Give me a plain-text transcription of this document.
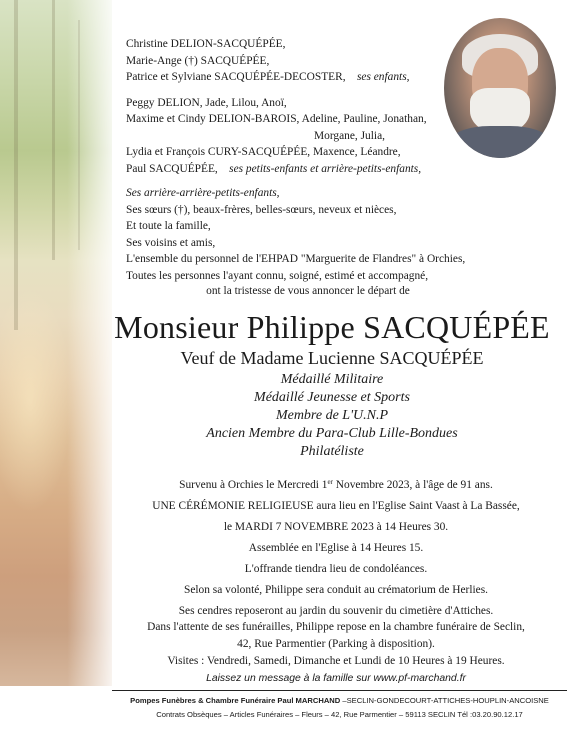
Christine DELION-SACQUÉPÉE,

Marie-Ange (†) SACQUÉPÉE,

Patrice et Sylviane SACQUÉPÉE-DECOSTER, ses enfants,

Peggy DELION, Jade, Lilou, Anoï,

Maxime et Cindy DELION-BAROIS, Adeline, Pauline, Jonathan,

Morgane, Julia,

Lydia et François CURY-SACQUÉPÉE, Maxence, Léandre,

Paul SACQUÉPÉE, ses petits-enfants et arrière-petits-enfants,

Ses arrière-arrière-petits-enfants,

Ses sœurs (†), beaux-frères, belles-sœurs, neveux et nièces,

Et toute la famille,

Ses voisins et amis,

L'ensemble du personnel de l'EHPAD "Marguerite de Flandres" à Orchies,

Toutes les personnes l'ayant connu, soigné, estimé et accompagné,

ont la tristesse de vous annoncer le départ de
Monsieur Philippe SACQUÉPÉE
Veuf de Madame Lucienne SACQUÉPÉE

Médaillé Militaire

Médaillé Jeunesse et Sports

Membre de L'U.N.P

Ancien Membre du Para-Club Lille-Bondues

Philatéliste

Survenu à Orchies le Mercredi 1er Novembre 2023, à l'âge de 91 ans.

UNE CÉRÉMONIE RELIGIEUSE aura lieu en l'Eglise Saint Vaast à La Bassée,

le MARDI 7 NOVEMBRE 2023 à 14 Heures 30.

Assemblée en l'Eglise à 14 Heures 15.

L'offrande tiendra lieu de condoléances.

Selon sa volonté, Philippe sera conduit au crématorium de Herlies.

Ses cendres reposeront au jardin du souvenir du cimetière d'Attiches.

Dans l'attente de ses funérailles, Philippe repose en la chambre funéraire de Seclin,

42, Rue Parmentier (Parking à disposition).

Visites : Vendredi, Samedi, Dimanche et Lundi de 10 Heures à 19 Heures.

Laissez un message à la famille sur www.pf-marchand.fr
Pompes Funèbres & Chambre Funéraire Paul MARCHAND –SECLIN-GONDECOURT-ATTICHES-HOUPLIN-ANCOISNE
Contrats Obsèques – Articles Funéraires – Fleurs – 42, Rue Parmentier – 59113 SECLIN Tél :03.20.90.12.17
